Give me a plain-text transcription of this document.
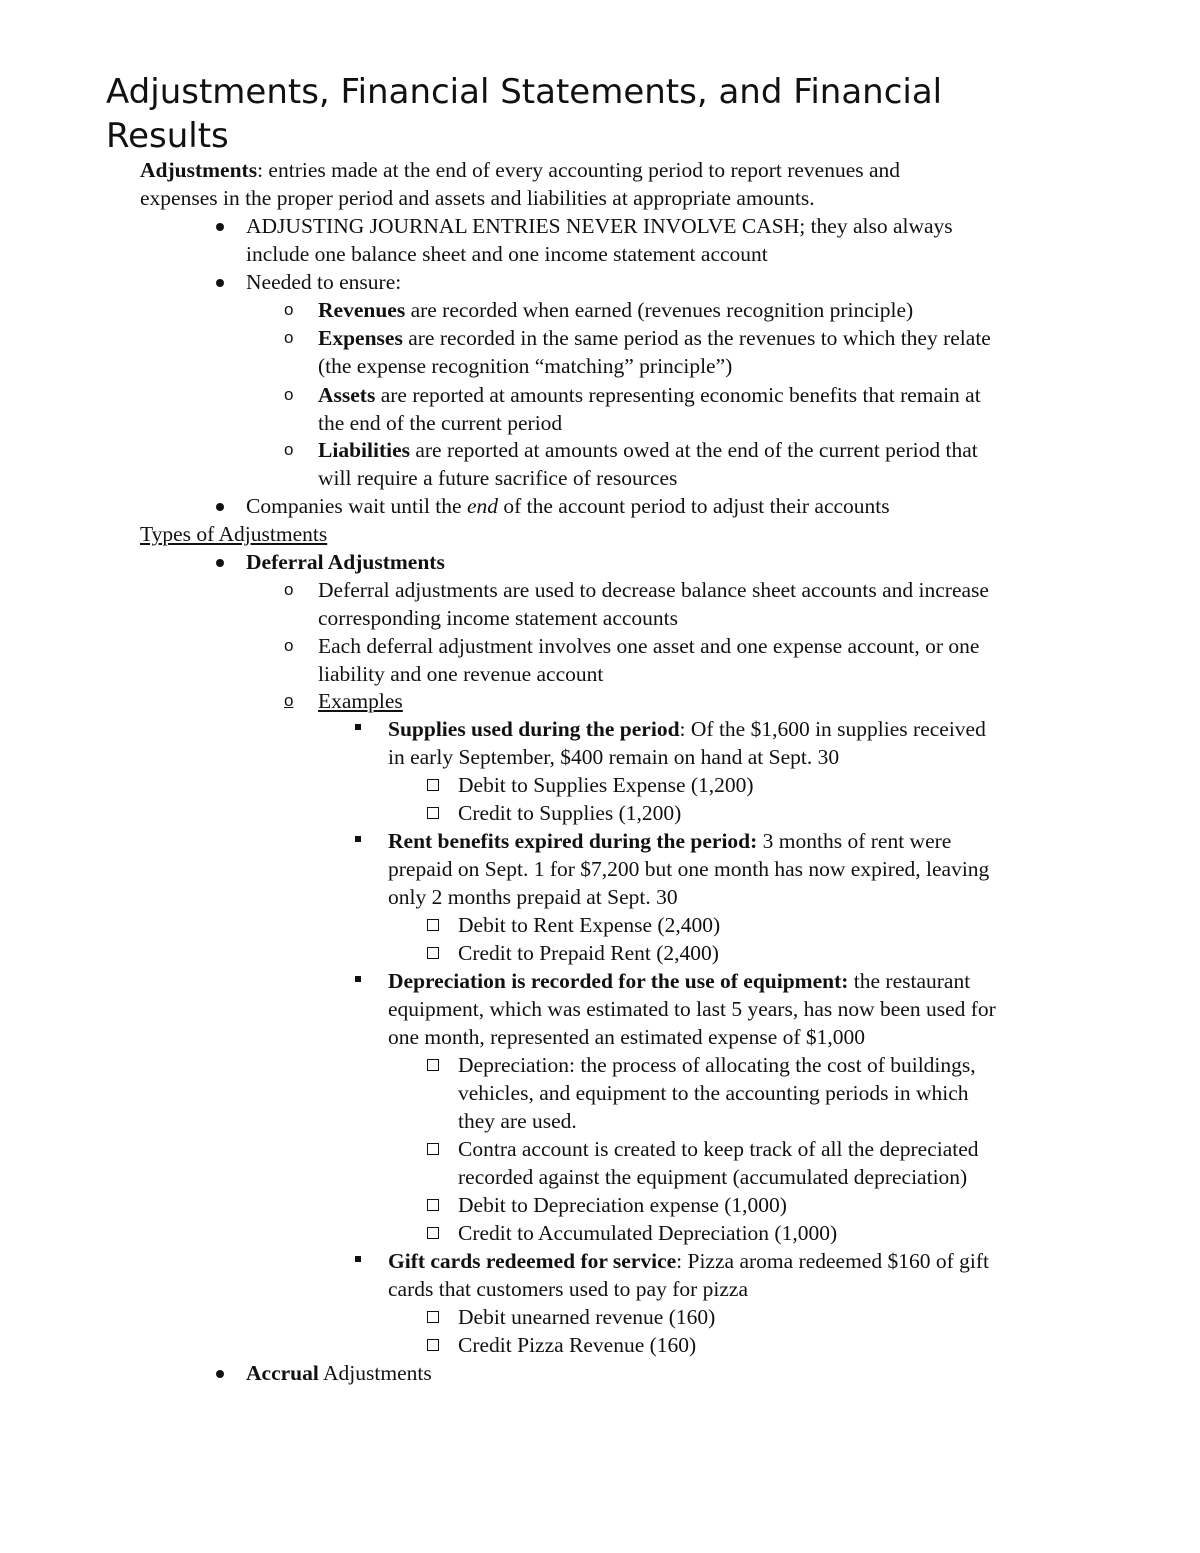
Adjustments, Financial Statements, and Financial
Results
Adjustments: entries made at the end of every accounting period to report revenues and
expenses in the proper period and assets and liabilities at appropriate amounts.
ADJUSTING JOURNAL ENTRIES NEVER INVOLVE CASH; they also always
include one balance sheet and one income statement account
Needed to ensure:
o Revenues are recorded when earned (revenues recognition principle)
o Expenses are recorded in the same period as the revenues to which they relate
(the expense recognition “matching” principle”)
o Assets are reported at amounts representing economic benefits that remain at
the end of the current period
o Liabilities are reported at amounts owed at the end of the current period that
will require a future sacrifice of resources
Companies wait until the end of the account period to adjust their accounts
Types of Adjustments
Deferral Adjustments
o Deferral adjustments are used to decrease balance sheet accounts and increase
corresponding income statement accounts
o Each deferral adjustment involves one asset and one expense account, or one
liability and one revenue account
o	Examples
Supplies used during the period: Of the $1,600 in supplies received
in early September, $400 remain on hand at Sept. 30
Debit to Supplies Expense (1,200)
Credit to Supplies (1,200)
Rent benefits expired during the period: 3 months of rent were
prepaid on Sept. 1 for $7,200 but one month has now expired, leaving
only 2 months prepaid at Sept. 30
Debit to Rent Expense (2,400)
Credit to Prepaid Rent (2,400)
Depreciation is recorded for the use of equipment: the restaurant
equipment, which was estimated to last 5 years, has now been used for
one month, represented an estimated expense of $1,000
Depreciation: the process of allocating the cost of buildings,
vehicles, and equipment to the accounting periods in which
they are used.
Contra account is created to keep track of all the depreciated
recorded against the equipment (accumulated depreciation)
Debit to Depreciation expense (1,000)
Credit to Accumulated Depreciation (1,000)
Gift cards redeemed for service: Pizza aroma redeemed $160 of gift
cards that customers used to pay for pizza
Debit unearned revenue (160)
Credit Pizza Revenue (160)
Accrual Adjustments
